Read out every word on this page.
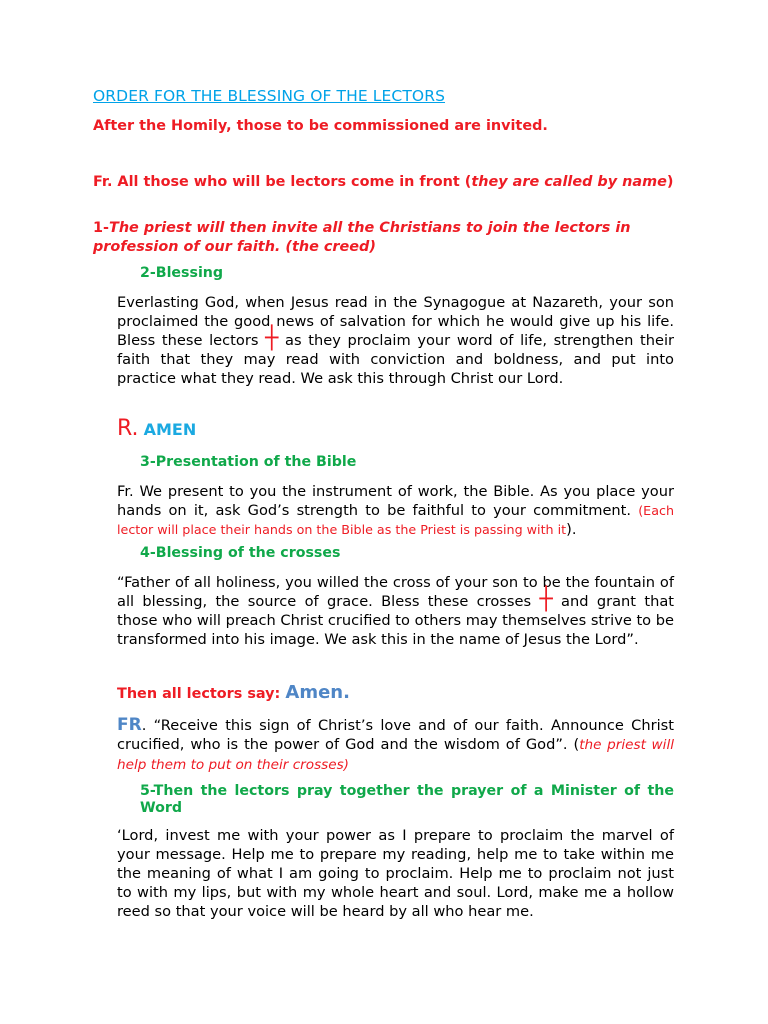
ORDER FOR THE BLESSING OF THE LECTORS
After the Homily, those to be commissioned are invited.
Fr. All those who will be lectors come in front (they are called by name)
1-The priest will then invite all the Christians to join the lectors in profession of our faith. (the creed)
2-Blessing
Everlasting God, when Jesus read in the Synagogue at Nazareth, your son proclaimed the good news of salvation for which he would give up his life. Bless these lectors ┼ as they proclaim your word of life, strengthen their faith that they may read with conviction and boldness, and put into practice what they read. We ask this through Christ our Lord.
R. AMEN
3-Presentation of the Bible
Fr. We present to you the instrument of work, the Bible. As you place your hands on it, ask God’s strength to be faithful to your commitment. (Each lector will place their hands on the Bible as the Priest is passing with it).
4-Blessing of the crosses
“Father of all holiness, you willed the cross of your son to be the fountain of all blessing, the source of grace. Bless these crosses ┼ and grant that those who will preach Christ crucified to others may themselves strive to be transformed into his image. We ask this in the name of Jesus the Lord”.
Then all lectors say: Amen.
FR. “Receive this sign of Christ’s love and of our faith. Announce Christ crucified, who is the power of God and the wisdom of God”. (the priest will help them to put on their crosses)
5-Then the lectors pray together the prayer of a Minister of the Word
‘Lord, invest me with your power as I prepare to proclaim the marvel of your message. Help me to prepare my reading, help me to take within me the meaning of what I am going to proclaim. Help me to proclaim not just to with my lips, but with my whole heart and soul. Lord, make me a hollow reed so that your voice will be heard by all who hear me.
